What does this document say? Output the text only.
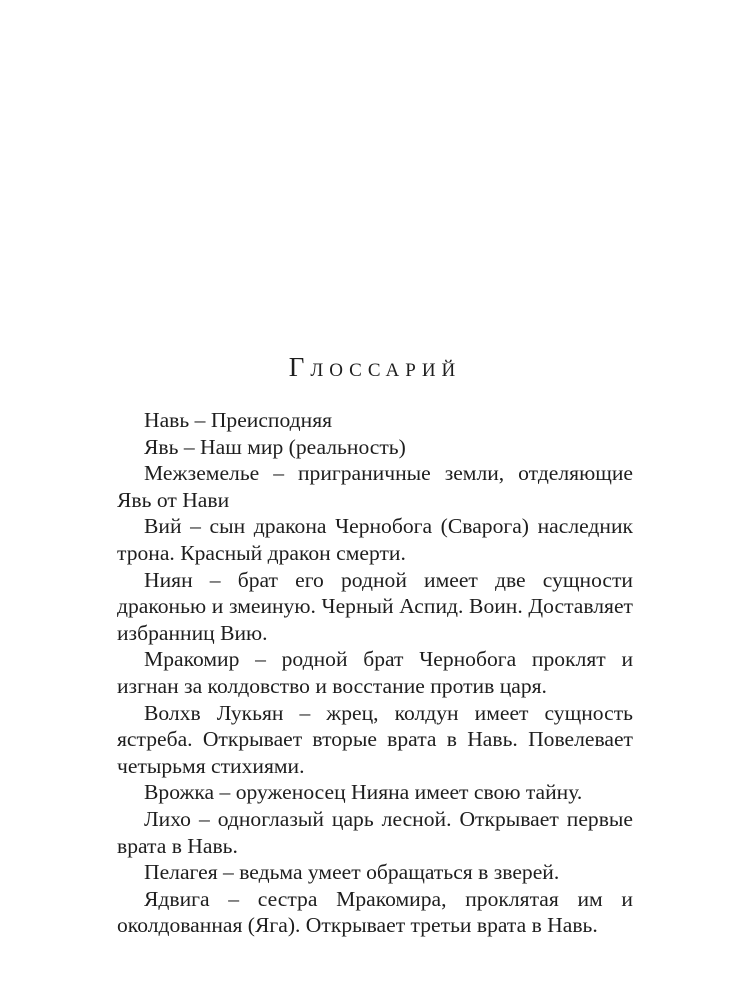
Глоссарий

Навь – Преисподняя

Явь – Наш мир (реальность)

Межземелье – приграничные земли, отделяющие Явь от Нави

Вий – сын дракона Чернобога (Сварога) наследник трона. Красный дракон смерти.

Ниян – брат его родной имеет две сущности драконью и змеиную. Черный Аспид. Воин. Доставляет избранниц Вию.

Мракомир – родной брат Чернобога проклят и изгнан за колдовство и восстание против царя.

Волхв Лукьян – жрец, колдун имеет сущность ястреба. Открывает вторые врата в Навь. Повелевает четырьмя стихиями.

Врожка – оруженосец Нияна имеет свою тайну.

Лихо – одноглазый царь лесной. Открывает первые врата в Навь.

Пелагея – ведьма умеет обращаться в зверей.

Ядвига – сестра Мракомира, проклятая им и околдованная (Яга). Открывает третьи врата в Навь.
